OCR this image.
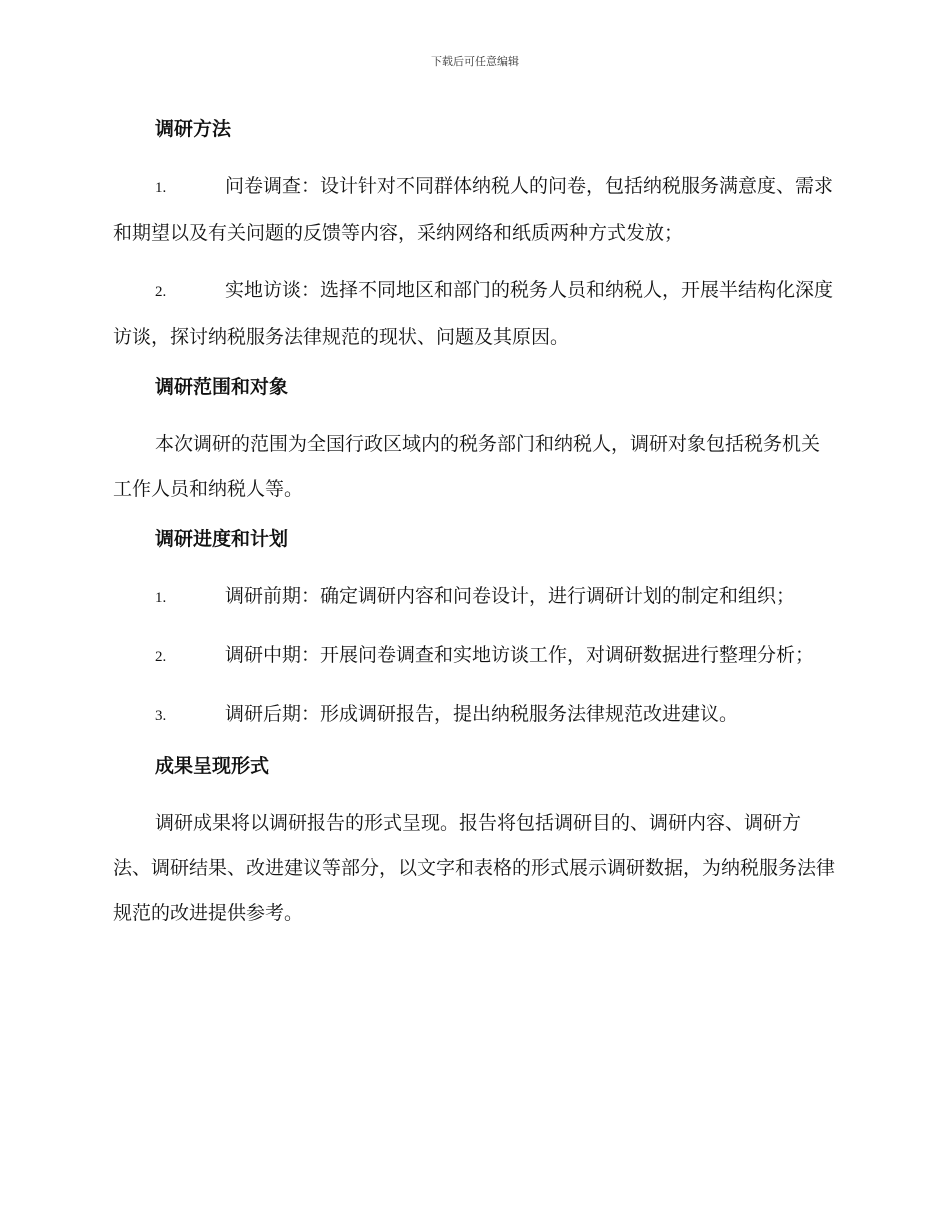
下载后可任意编辑
调研方法
1.	问卷调查：设计针对不同群体纳税人的问卷，包括纳税服务满意度、需求和期望以及有关问题的反馈等内容，采纳网络和纸质两种方式发放；
2.	实地访谈：选择不同地区和部门的税务人员和纳税人，开展半结构化深度访谈，探讨纳税服务法律规范的现状、问题及其原因。
调研范围和对象

本次调研的范围为全国行政区域内的税务部门和纳税人，调研对象包括税务机关工作人员和纳税人等。

调研进度和计划
1.	调研前期：确定调研内容和问卷设计，进行调研计划的制定和组织；
2.	调研中期：开展问卷调查和实地访谈工作，对调研数据进行整理分析；
3.	调研后期：形成调研报告，提出纳税服务法律规范改进建议。
成果呈现形式

调研成果将以调研报告的形式呈现。报告将包括调研目的、调研内容、调研方法、调研结果、改进建议等部分，以文字和表格的形式展示调研数据，为纳税服务法律规范的改进提供参考。
